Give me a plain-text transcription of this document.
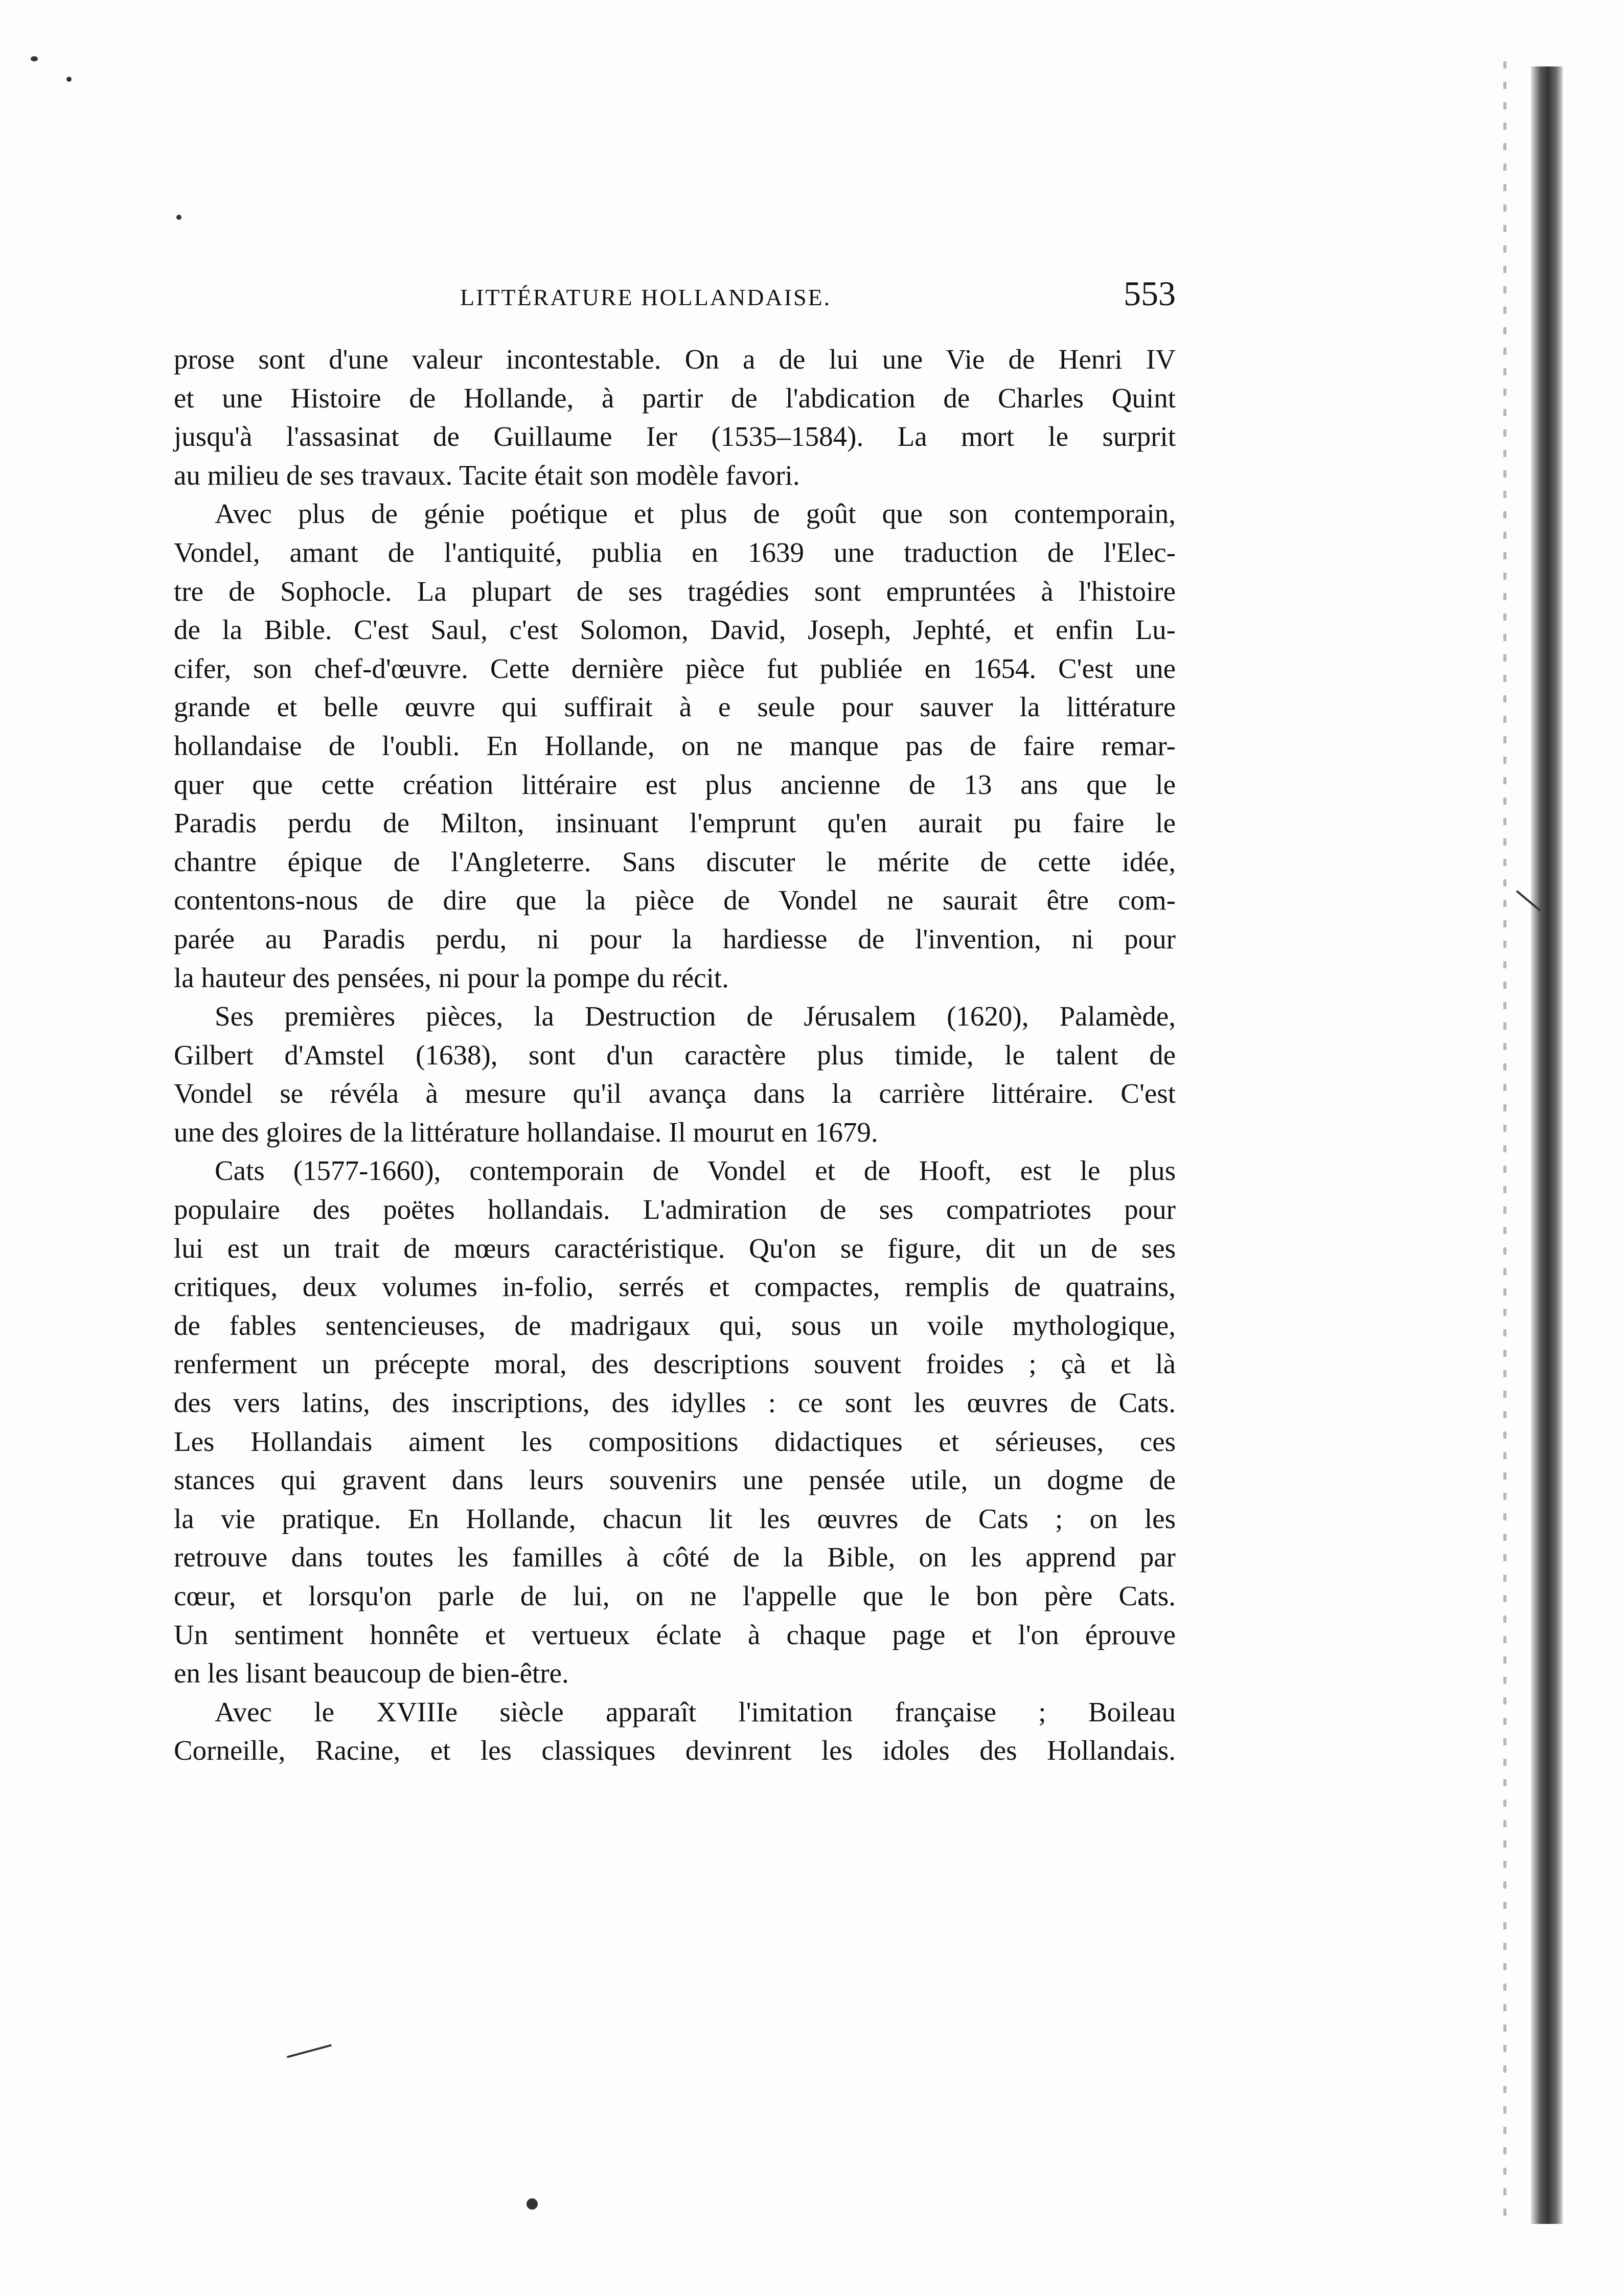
LITTÉRATURE HOLLANDAISE.	553
prose sont d'une valeur incontestable. On a de lui une Vie de Henri IV
et une Histoire de Hollande, à partir de l'abdication de Charles Quint
jusqu'à l'assasinat de Guillaume Ier (1535–1584). La mort le surprit
au milieu de ses travaux. Tacite était son modèle favori.
Avec plus de génie poétique et plus de goût que son contemporain,
Vondel, amant de l'antiquité, publia en 1639 une traduction de l'Elec-
tre de Sophocle. La plupart de ses tragédies sont empruntées à l'histoire
de la Bible. C'est Saul, c'est Solomon, David, Joseph, Jephté, et enfin Lu-
cifer, son chef-d'œuvre. Cette dernière pièce fut publiée en 1654. C'est une
grande et belle œuvre qui suffirait à e seule pour sauver la littérature
hollandaise de l'oubli. En Hollande, on ne manque pas de faire remar-
quer que cette création littéraire est plus ancienne de 13 ans que le
Paradis perdu de Milton, insinuant l'emprunt qu'en aurait pu faire le
chantre épique de l'Angleterre. Sans discuter le mérite de cette idée,
contentons-nous de dire que la pièce de Vondel ne saurait être com-
parée au Paradis perdu, ni pour la hardiesse de l'invention, ni pour
la hauteur des pensées, ni pour la pompe du récit.
Ses premières pièces, la Destruction de Jérusalem (1620), Palamède,
Gilbert d'Amstel (1638), sont d'un caractère plus timide, le talent de
Vondel se révéla à mesure qu'il avança dans la carrière littéraire. C'est
une des gloires de la littérature hollandaise. Il mourut en 1679.
Cats (1577-1660), contemporain de Vondel et de Hooft, est le plus
populaire des poëtes hollandais. L'admiration de ses compatriotes pour
lui est un trait de mœurs caractéristique. Qu'on se figure, dit un de ses
critiques, deux volumes in-folio, serrés et compactes, remplis de quatrains,
de fables sentencieuses, de madrigaux qui, sous un voile mythologique,
renferment un précepte moral, des descriptions souvent froides ; çà et là
des vers latins, des inscriptions, des idylles : ce sont les œuvres de Cats.
Les Hollandais aiment les compositions didactiques et sérieuses, ces
stances qui gravent dans leurs souvenirs une pensée utile, un dogme de
la vie pratique. En Hollande, chacun lit les œuvres de Cats ; on les
retrouve dans toutes les familles à côté de la Bible, on les apprend par
cœur, et lorsqu'on parle de lui, on ne l'appelle que le bon père Cats.
Un sentiment honnête et vertueux éclate à chaque page et l'on éprouve
en les lisant beaucoup de bien-être.
Avec le XVIIIe siècle apparaît l'imitation française ; Boileau
Corneille, Racine, et les classiques devinrent les idoles des Hollandais.
